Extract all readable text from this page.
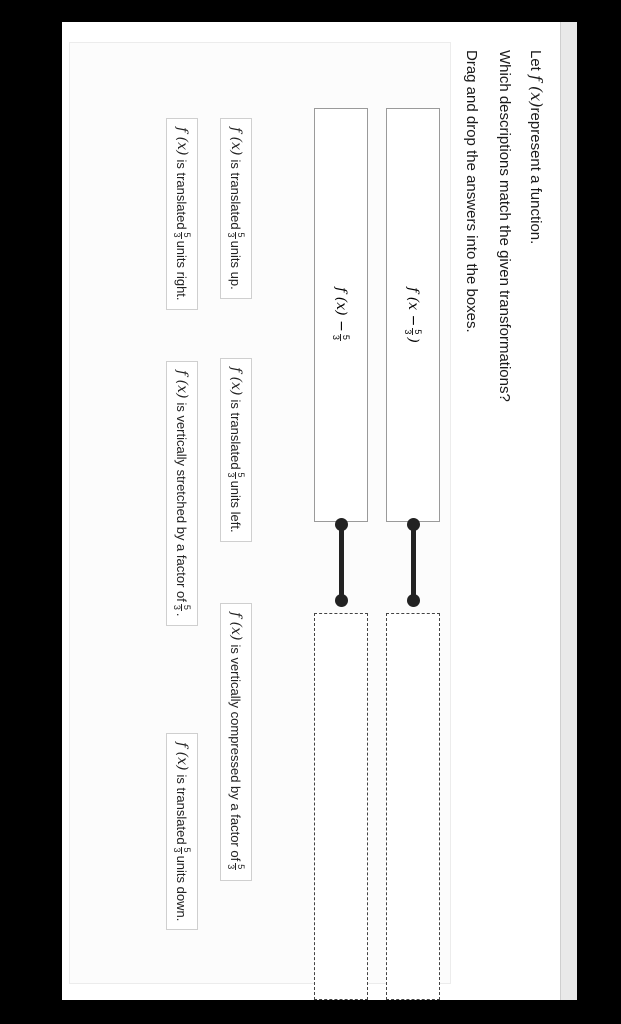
Let f (x)represent a function.
Which descriptions match the given transformations?
Drag and drop the answers into the boxes.
f (x −
5
3
)
f (x) −
5
3
f (x)
is translated
5
3
units up.
f (x)
is translated
5
3
units left.
f (x)
is vertically compressed by a factor of
5
3
f (x)
is translated
5
3
units right.
f (x)
is vertically stretched by a factor of
5
3
.
f (x)
is translated
5
3
units down.
